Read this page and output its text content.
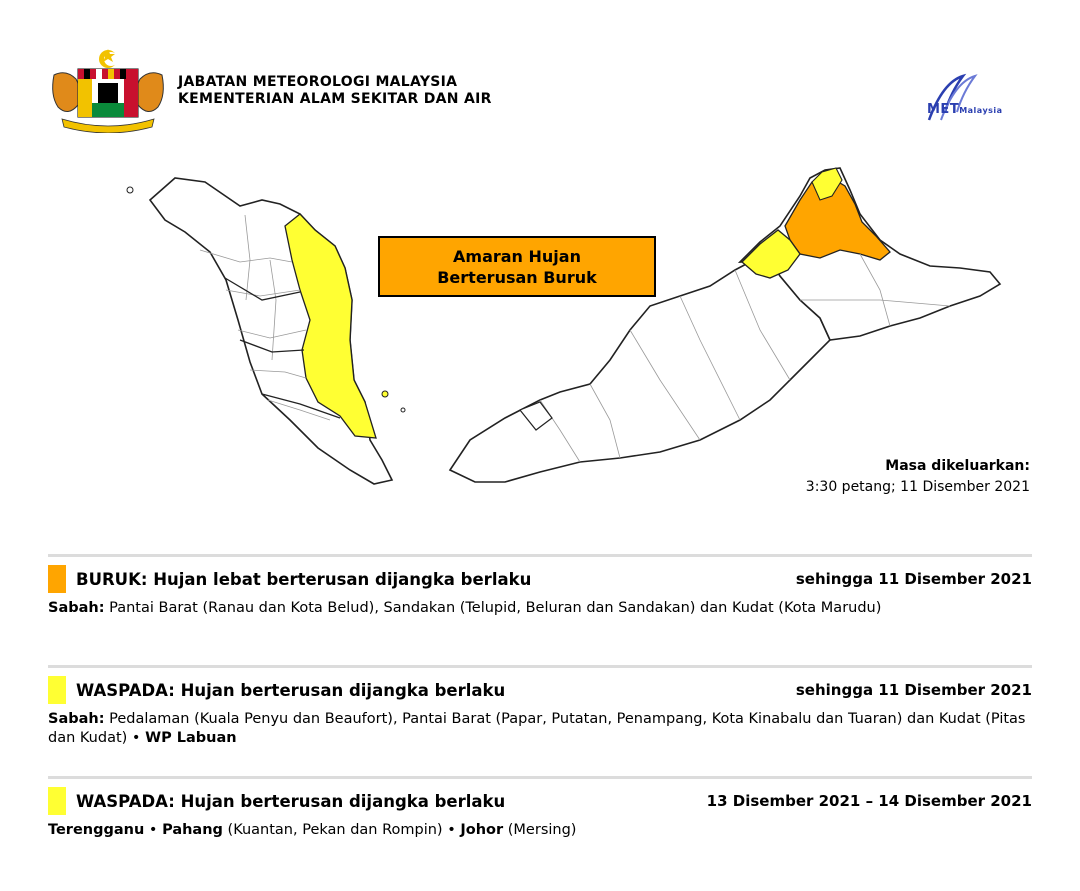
JABATAN METEOROLOGI MALAYSIA
KEMENTERIAN ALAM SEKITAR DAN AIR
METMalaysia
Amaran Hujan
Berterusan Buruk
Masa dikeluarkan:
3:30 petang; 11 Disember 2021
BURUK: Hujan lebat berterusan dijangka berlaku	sehingga 11 Disember 2021
Sabah: Pantai Barat (Ranau dan Kota Belud), Sandakan (Telupid, Beluran dan Sandakan) dan Kudat (Kota Marudu)
WASPADA: Hujan berterusan dijangka berlaku	sehingga 11 Disember 2021
Sabah: Pedalaman (Kuala Penyu dan Beaufort), Pantai Barat (Papar, Putatan, Penampang, Kota Kinabalu dan Tuaran) dan Kudat (Pitas dan Kudat) • WP Labuan
WASPADA: Hujan berterusan dijangka berlaku	13 Disember 2021 – 14 Disember 2021
Terengganu • Pahang (Kuantan, Pekan dan Rompin) • Johor (Mersing)
